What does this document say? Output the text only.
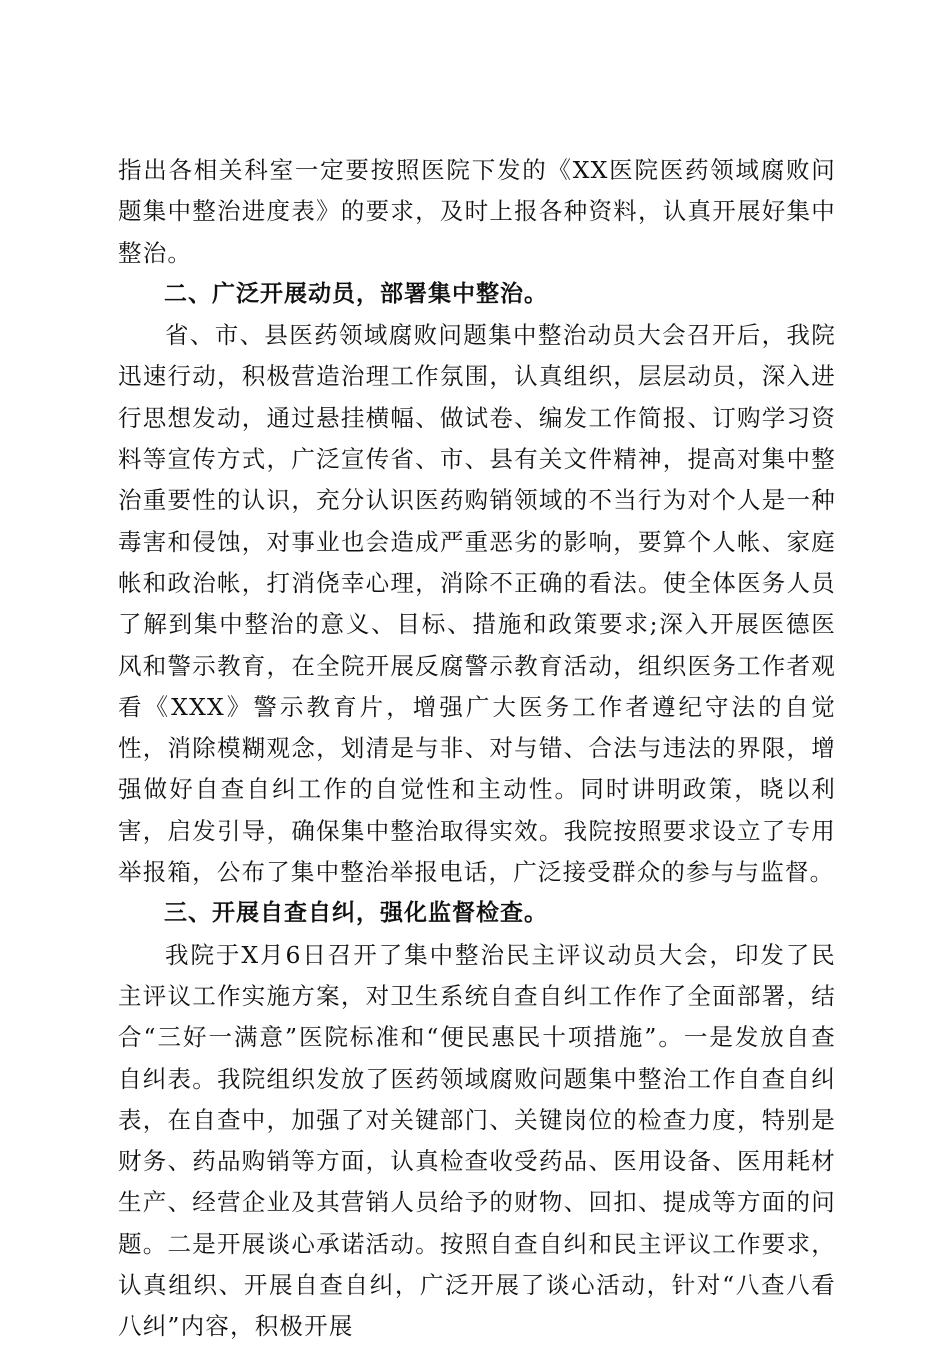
指出各相关科室一定要按照医院下发的《XX医院医药领域腐败问题集中整治进度表》的要求，及时上报各种资料，认真开展好集中整治。

二、广泛开展动员，部署集中整治。

省、市、县医药领域腐败问题集中整治动员大会召开后，我院迅速行动，积极营造治理工作氛围，认真组织，层层动员，深入进行思想发动，通过悬挂横幅、做试卷、编发工作简报、订购学习资料等宣传方式，广泛宣传省、市、县有关文件精神，提高对集中整治重要性的认识，充分认识医药购销领域的不当行为对个人是一种毒害和侵蚀，对事业也会造成严重恶劣的影响，要算个人帐、家庭帐和政治帐，打消侥幸心理，消除不正确的看法。使全体医务人员了解到集中整治的意义、目标、措施和政策要求;深入开展医德医风和警示教育，在全院开展反腐警示教育活动，组织医务工作者观看《XXX》警示教育片，增强广大医务工作者遵纪守法的自觉性，消除模糊观念，划清是与非、对与错、合法与违法的界限，增强做好自查自纠工作的自觉性和主动性。同时讲明政策，晓以利害，启发引导，确保集中整治取得实效。我院按照要求设立了专用举报箱，公布了集中整治举报电话，广泛接受群众的参与与监督。

三、开展自查自纠，强化监督检查。

我院于X月6日召开了集中整治民主评议动员大会，印发了民主评议工作实施方案，对卫生系统自查自纠工作作了全面部署，结合“三好一满意”医院标准和“便民惠民十项措施”。一是发放自查自纠表。我院组织发放了医药领域腐败问题集中整治工作自查自纠表，在自查中，加强了对关键部门、关键岗位的检查力度，特别是财务、药品购销等方面，认真检查收受药品、医用设备、医用耗材生产、经营企业及其营销人员给予的财物、回扣、提成等方面的问题。二是开展谈心承诺活动。按照自查自纠和民主评议工作要求，认真组织、开展自查自纠，广泛开展了谈心活动，针对“八查八看八纠”内容，积极开展
